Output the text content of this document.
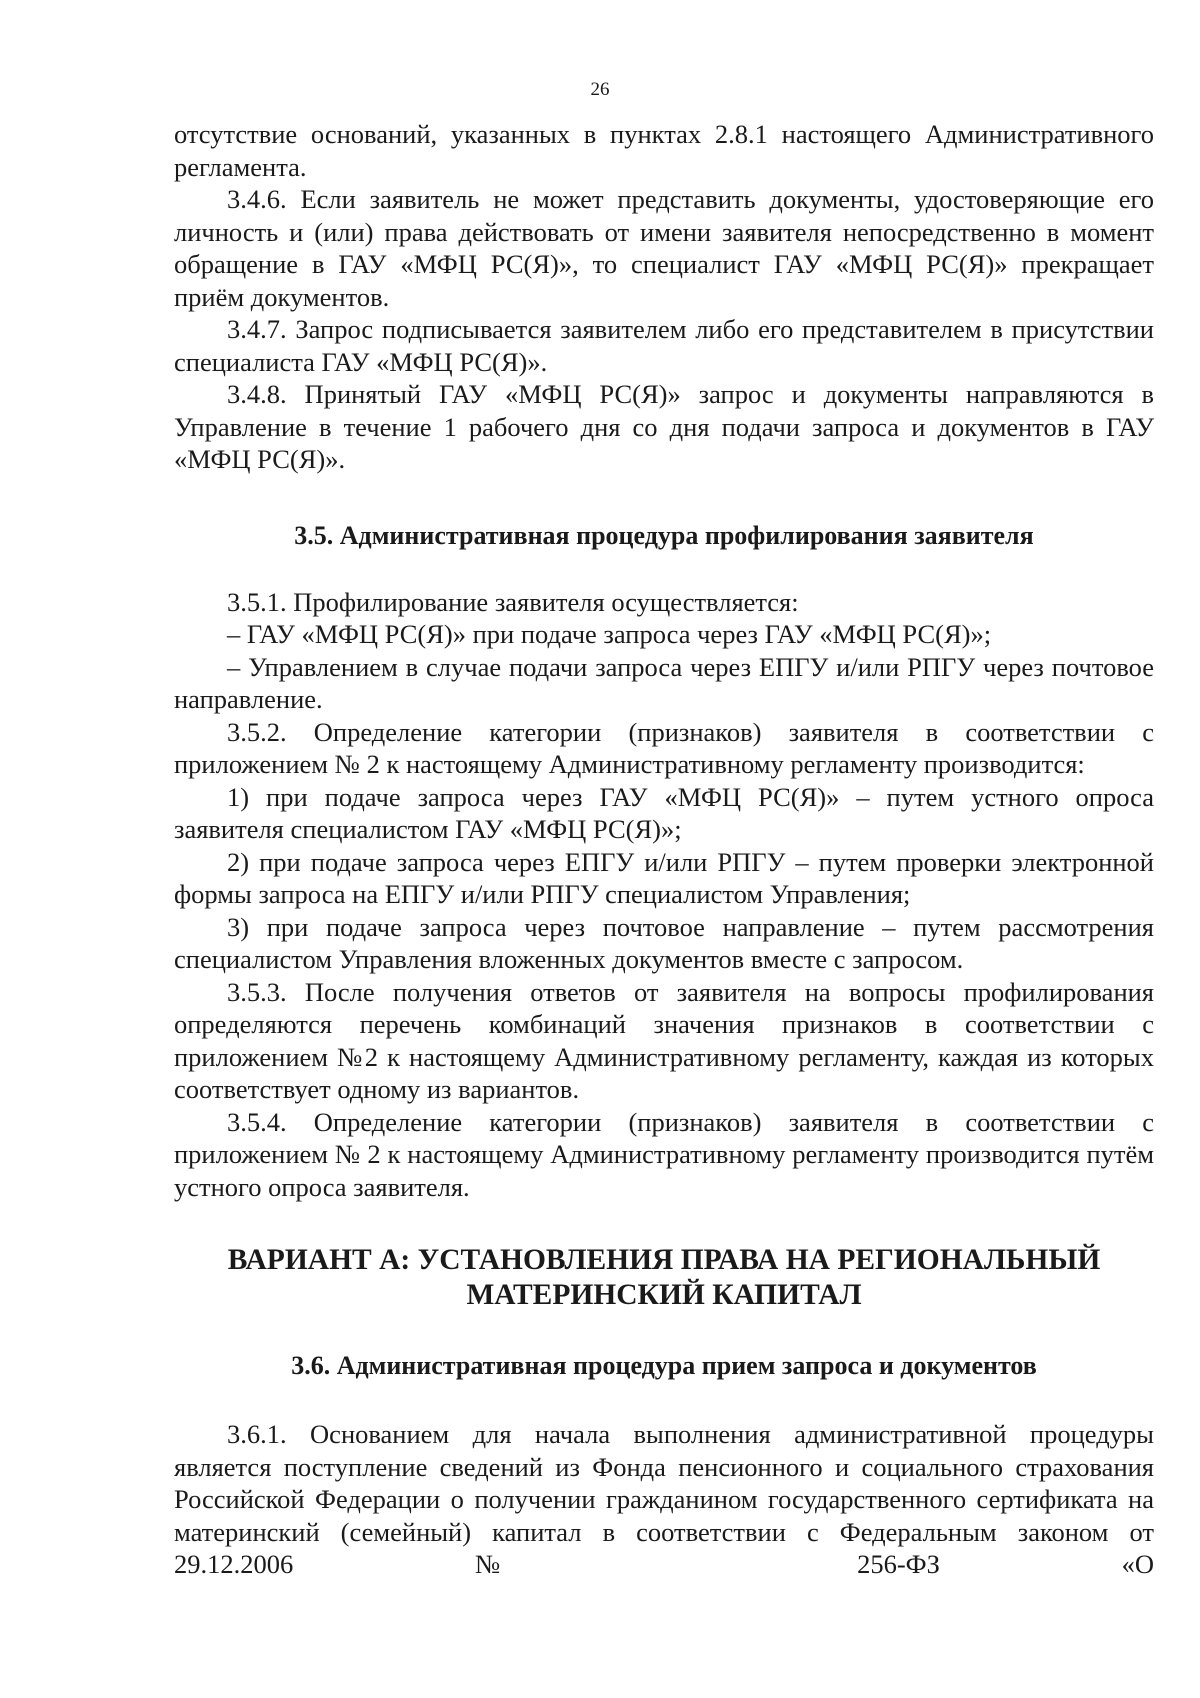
26

отсутствие оснований, указанных в пунктах 2.8.1 настоящего Административного регламента.

3.4.6. Если заявитель не может представить документы, удостоверяющие его личность и (или) права действовать от имени заявителя непосредственно в момент обращение в ГАУ «МФЦ РС(Я)», то специалист ГАУ «МФЦ РС(Я)» прекращает приём документов.

3.4.7. Запрос подписывается заявителем либо его представителем в присутствии специалиста ГАУ «МФЦ РС(Я)».

3.4.8. Принятый ГАУ «МФЦ РС(Я)» запрос и документы направляются в Управление в течение 1 рабочего дня со дня подачи запроса и документов в ГАУ «МФЦ РС(Я)».

3.5. Административная процедура профилирования заявителя

3.5.1. Профилирование заявителя осуществляется:

– ГАУ «МФЦ РС(Я)» при подаче запроса через ГАУ «МФЦ РС(Я)»;

– Управлением в случае подачи запроса через ЕПГУ и/или РПГУ через почтовое направление.

3.5.2. Определение категории (признаков) заявителя в соответствии с приложением № 2 к настоящему Административному регламенту производится:

1) при подаче запроса через ГАУ «МФЦ РС(Я)» – путем устного опроса заявителя специалистом ГАУ «МФЦ РС(Я)»;

2) при подаче запроса через ЕПГУ и/или РПГУ – путем проверки электронной формы запроса на ЕПГУ и/или РПГУ специалистом Управления;

3) при подаче запроса через почтовое направление – путем рассмотрения специалистом Управления вложенных документов вместе с запросом.

3.5.3. После получения ответов от заявителя на вопросы профилирования определяются перечень комбинаций значения признаков в соответствии с приложением №2 к настоящему Административному регламенту, каждая из которых соответствует одному из вариантов.

3.5.4. Определение категории (признаков) заявителя в соответствии с приложением № 2 к настоящему Административному регламенту производится путём устного опроса заявителя.

ВАРИАНТ А: УСТАНОВЛЕНИЯ ПРАВА НА РЕГИОНАЛЬНЫЙ
МАТЕРИНСКИЙ КАПИТАЛ
3.6. Административная процедура прием запроса и документов

3.6.1. Основанием для начала выполнения административной процедуры является поступление сведений из Фонда пенсионного и социального страхования Российской Федерации о получении гражданином государственного сертификата на материнский (семейный) капитал в соответствии с Федеральным законом от 29.12.2006 № 256-ФЗ «О
